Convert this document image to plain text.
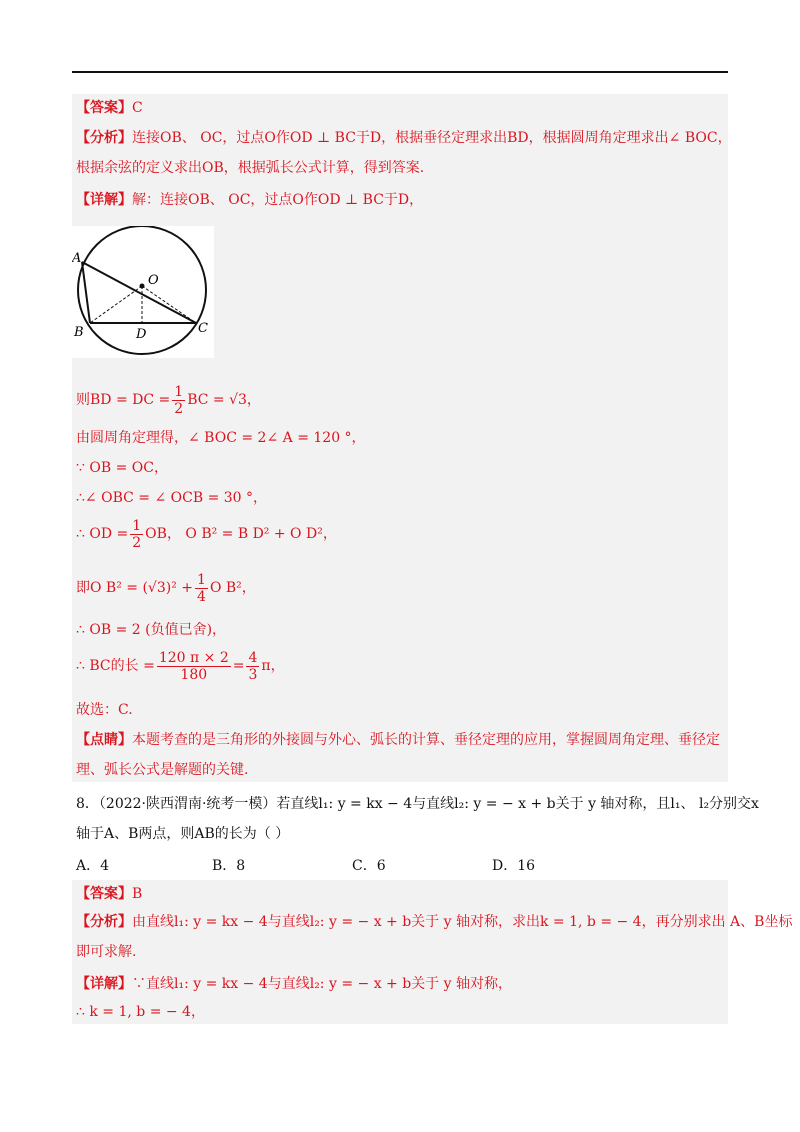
【答案】C
【分析】连接OB、 OC，过点O作OD ⊥ BC于D，根据垂径定理求出BD，根据圆周角定理求出∠ BOC，
根据余弦的定义求出OB，根据弧长公式计算，得到答案.
【详解】解：连接OB、 OC，过点O作OD ⊥ BC于D，
A
O
B	D	C
则BD = DC = $\frac{1}{2}$ BC = √3，
由圆周角定理得，∠ BOC = 2∠ A = 120 °，
∵ OB = OC，
∴∠ OBC = ∠ OCB = 30 °，
∴ OD = $\frac{1}{2}$ OB， O B² = B D² + O D²，
即O $B^2 = (√3)^2 + \frac{1}{4}$ O B²，
∴ OB = 2 (负值已舍)，
∴ BC的长 = $\frac{120 \pi \times 2}{180} = \frac{4}{3}$ π，
故选：C.
【点睛】本题考查的是三角形的外接圆与外心、弧长的计算、垂径定理的应用，掌握圆周角定理、垂径定
理、弧长公式是解题的关键.
8．（2022·陕西渭南·统考一模）若直线l₁: y = kx − 4与直线l₂: y = − x + b关于 y 轴对称，且l₁、 l₂分别交x
轴于A、B两点，则AB的长为（ ）
A．4	B．8	C．6	D．16
【答案】B
【分析】由直线l₁: y = kx − 4与直线l₂: y = − x + b关于 y 轴对称，求出k = 1, b = − 4，再分别求出 A、B坐标
即可求解.
【详解】∵直线l₁: y = kx − 4与直线l₂: y = − x + b关于 y 轴对称，
∴ k = 1, b = − 4，
